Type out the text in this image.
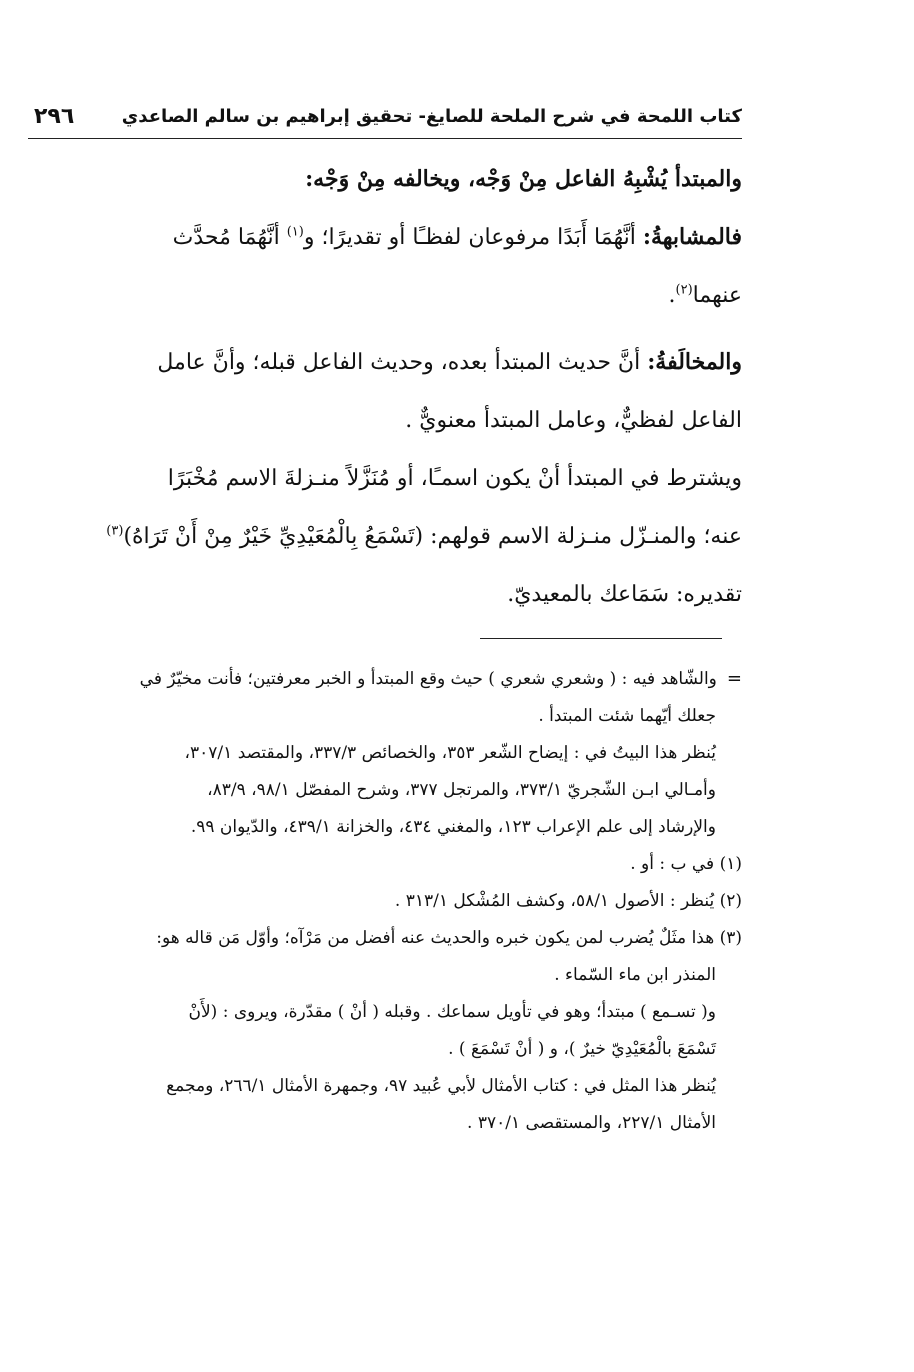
كتاب اللمحة في شرح الملحة للصايغ- تحقيق إبراهيم بن سالم الصاعدي
٢٩٦

والمبتدأ يُشْبِهُ الفاعل مِنْ وَجْه، ويخالفه مِنْ وَجْه:

فالمشابهةُ: أنَّهُمَا أَبَدًا مرفوعان لفظـًا أو تقديرًا؛ و$^{(١)}$ أنَّهُمَا مُحدَّث

عنهما$^{(٢)}$.

والمخالَفةُ: أنَّ حديث المبتدأ بعده، وحديث الفاعل قبله؛ وأنَّ عامل

الفاعل لفظيٌّ، وعامل المبتدأ معنويٌّ .

ويشترط في المبتدأ أنْ يكون اسمـًا، أو مُنَزَّلاً منـزلةَ الاسم مُخْبَرًا

عنه؛ والمنـزّل منـزلة الاسم قولهم: (تَسْمَعُ بِالْمُعَيْدِيِّ خَيْرٌ مِنْ أَنْ تَرَاهُ)$^{(٣)}$

تقديره: سَمَاعك بالمعيديّ.

=والشّاهد فيه : ( وشعري شعري ) حيث وقع المبتدأ و الخبر معرفتين؛ فأنت مخيّرٌ في

جعلك أيّهما شئت المبتدأ .

يُنظر هذا البيتُ في : إيضاح الشّعر ٣٥٣، والخصائص ٣٣٧/٣، والمقتصد ٣٠٧/١،

وأمـالي ابـن الشّجريّ ٣٧٣/١، والمرتجل ٣٧٧، وشرح المفصّل ٩٨/١، ٨٣/٩،

والإرشاد إلى علم الإعراب ١٢٣، والمغني ٤٣٤، والخزانة ٤٣٩/١، والدّيوان ٩٩.

(١) في ب : أو .

(٢) يُنظر : الأصول ٥٨/١، وكشف المُشْكل ٣١٣/١ .

(٣) هذا مثَلٌ يُضرب لمن يكون خبره والحديث عنه أفضل من مَرْآه؛ وأوّل مَن قاله هو:

المنذر ابن ماء السّماء .

و( تسـمع ) مبتدأ؛ وهو في تأويل سماعك . وقبله ( أنْ ) مقدّرة، ويروى : (لأَنْ

تَسْمَعَ بالْمُعَيْدِيّ خيرٌ )، و ( أنْ تَسْمَعَ ) .

يُنظر هذا المثل في : كتاب الأمثال لأبي عُبيد ٩٧، وجمهرة الأمثال ٢٦٦/١، ومجمع

الأمثال ٢٢٧/١، والمستقصى ٣٧٠/١ .
